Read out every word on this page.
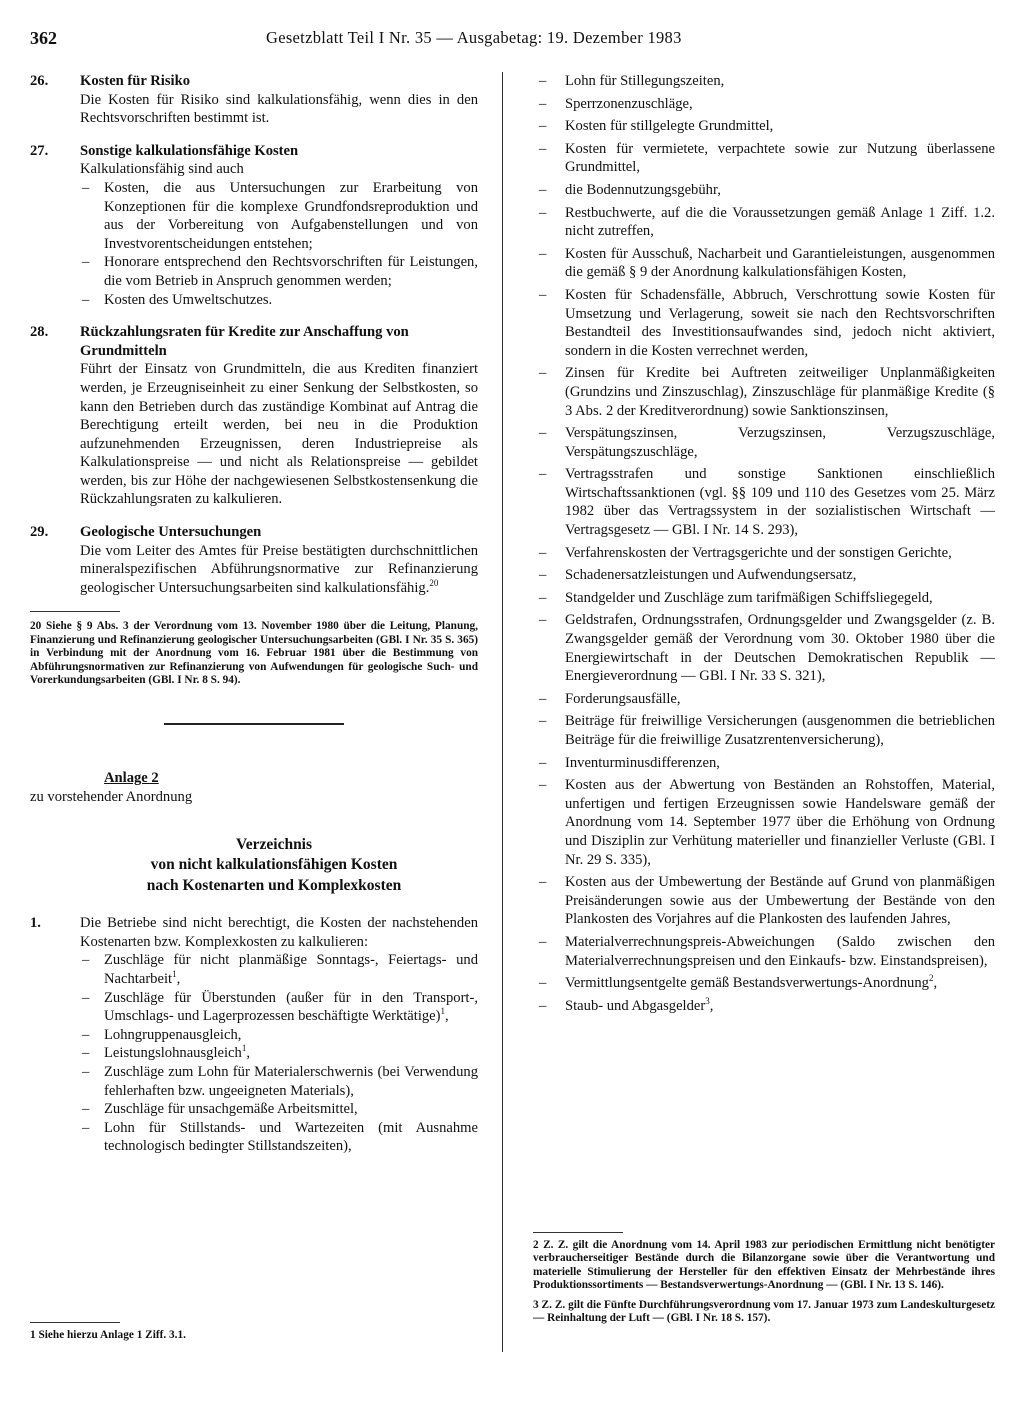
362	Gesetzblatt Teil I Nr. 35 — Ausgabetag: 19. Dezember 1983
26. Kosten für Risiko

Die Kosten für Risiko sind kalkulationsfähig, wenn dies in den Rechtsvorschriften bestimmt ist.

27. Sonstige kalkulationsfähige Kosten

Kalkulationsfähig sind auch

– Kosten, die aus Untersuchungen zur Erarbeitung von Konzeptionen für die komplexe Grundfondsreproduktion und aus der Vorbereitung von Aufgabenstellungen und von Investvorentscheidungen entstehen;
– Honorare entsprechend den Rechtsvorschriften für Leistungen, die vom Betrieb in Anspruch genommen werden;
– Kosten des Umweltschutzes.
28. Rückzahlungsraten für Kredite zur Anschaffung von Grundmitteln

Führt der Einsatz von Grundmitteln, die aus Krediten finanziert werden, je Erzeugniseinheit zu einer Senkung der Selbstkosten, so kann den Betrieben durch das zuständige Kombinat auf Antrag die Berechtigung erteilt werden, bei neu in die Produktion aufzunehmenden Erzeugnissen, deren Industriepreise als Kalkulationspreise — und nicht als Relationspreise — gebildet werden, bis zur Höhe der nachgewiesenen Selbstkostensenkung die Rückzahlungsraten zu kalkulieren.

29. Geologische Untersuchungen

Die vom Leiter des Amtes für Preise bestätigten durchschnittlichen mineralspezifischen Abführungsnormative zur Refinanzierung geologischer Untersuchungsarbeiten sind kalkulationsfähig.$^{20}$

20 Siehe § 9 Abs. 3 der Verordnung vom 13. November 1980 über die Leitung, Planung, Finanzierung und Refinanzierung geologischer Untersuchungsarbeiten (GBl. I Nr. 35 S. 365) in Verbindung mit der Anordnung vom 16. Februar 1981 über die Bestimmung von Abführungsnormativen zur Refinanzierung von Aufwendungen für geologische Such- und Vorerkundungsarbeiten (GBl. I Nr. 8 S. 94).
Anlage 2
zu vorstehender Anordnung
Verzeichnis
von nicht kalkulationsfähigen Kosten
nach Kostenarten und Komplexkosten
1.	Die Betriebe sind nicht berechtigt, die Kosten der nachstehenden Kostenarten bzw. Komplexkosten zu kalkulieren:

– Zuschläge für nicht planmäßige Sonntags-, Feiertags- und Nachtarbeit$^1$,
– Zuschläge für Überstunden (außer für in den Transport-, Umschlags- und Lagerprozessen beschäftigte Werktätige)$^1$,
– Lohngruppenausgleich,
– Leistungslohnausgleich$^1$,
– Zuschläge zum Lohn für Materialerschwernis (bei Verwendung fehlerhaften bzw. ungeeigneten Materials),
– Zuschläge für unsachgemäße Arbeitsmittel,
– Lohn für Stillstands- und Wartezeiten (mit Ausnahme technologisch bedingter Stillstandszeiten),
1 Siehe hierzu Anlage 1 Ziff. 3.1.
– Lohn für Stillegungszeiten,
– Sperrzonenzuschläge,
– Kosten für stillgelegte Grundmittel,
– Kosten für vermietete, verpachtete sowie zur Nutzung überlassene Grundmittel,
– die Bodennutzungsgebühr,
– Restbuchwerte, auf die die Voraussetzungen gemäß Anlage 1 Ziff. 1.2. nicht zutreffen,
– Kosten für Ausschuß, Nacharbeit und Garantieleistungen, ausgenommen die gemäß § 9 der Anordnung kalkulationsfähigen Kosten,
– Kosten für Schadensfälle, Abbruch, Verschrottung sowie Kosten für Umsetzung und Verlagerung, soweit sie nach den Rechtsvorschriften Bestandteil des Investitionsaufwandes sind, jedoch nicht aktiviert, sondern in die Kosten verrechnet werden,
– Zinsen für Kredite bei Auftreten zeitweiliger Unplanmäßigkeiten (Grundzins und Zinszuschlag), Zinszuschläge für planmäßige Kredite (§ 3 Abs. 2 der Kreditverordnung) sowie Sanktionszinsen,
– Verspätungszinsen, Verzugszinsen, Verzugszuschläge, Verspätungszuschläge,
– Vertragsstrafen und sonstige Sanktionen einschließlich Wirtschaftssanktionen (vgl. §§ 109 und 110 des Gesetzes vom 25. März 1982 über das Vertragssystem in der sozialistischen Wirtschaft — Vertragsgesetz — GBl. I Nr. 14 S. 293),
– Verfahrenskosten der Vertragsgerichte und der sonstigen Gerichte,
– Schadenersatzleistungen und Aufwendungsersatz,
– Standgelder und Zuschläge zum tarifmäßigen Schiffsliegegeld,
– Geldstrafen, Ordnungsstrafen, Ordnungsgelder und Zwangsgelder (z. B. Zwangsgelder gemäß der Verordnung vom 30. Oktober 1980 über die Energiewirtschaft in der Deutschen Demokratischen Republik — Energieverordnung — GBl. I Nr. 33 S. 321),
– Forderungsausfälle,
– Beiträge für freiwillige Versicherungen (ausgenommen die betrieblichen Beiträge für die freiwillige Zusatzrentenversicherung),
– Inventurminusdifferenzen,
– Kosten aus der Abwertung von Beständen an Rohstoffen, Material, unfertigen und fertigen Erzeugnissen sowie Handelsware gemäß der Anordnung vom 14. September 1977 über die Erhöhung von Ordnung und Disziplin zur Verhütung materieller und finanzieller Verluste (GBl. I Nr. 29 S. 335),
– Kosten aus der Umbewertung der Bestände auf Grund von planmäßigen Preisänderungen sowie aus der Umbewertung der Bestände von den Plankosten des Vorjahres auf die Plankosten des laufenden Jahres,
– Materialverrechnungspreis-Abweichungen (Saldo zwischen den Materialverrechnungspreisen und den Einkaufs- bzw. Einstandspreisen),
– Vermittlungsentgelte gemäß Bestandsverwertungs-Anordnung$^2$,
– Staub- und Abgasgelder$^3$,
2 Z. Z. gilt die Anordnung vom 14. April 1983 zur periodischen Ermittlung nicht benötigter verbraucherseitiger Bestände durch die Bilanzorgane sowie über die Verantwortung und materielle Stimulierung der Hersteller für den effektiven Einsatz der Mehrbestände ihres Produktionssortiments — Bestandsverwertungs-Anordnung — (GBl. I Nr. 13 S. 146).
3 Z. Z. gilt die Fünfte Durchführungsverordnung vom 17. Januar 1973 zum Landeskulturgesetz — Reinhaltung der Luft — (GBl. I Nr. 18 S. 157).
